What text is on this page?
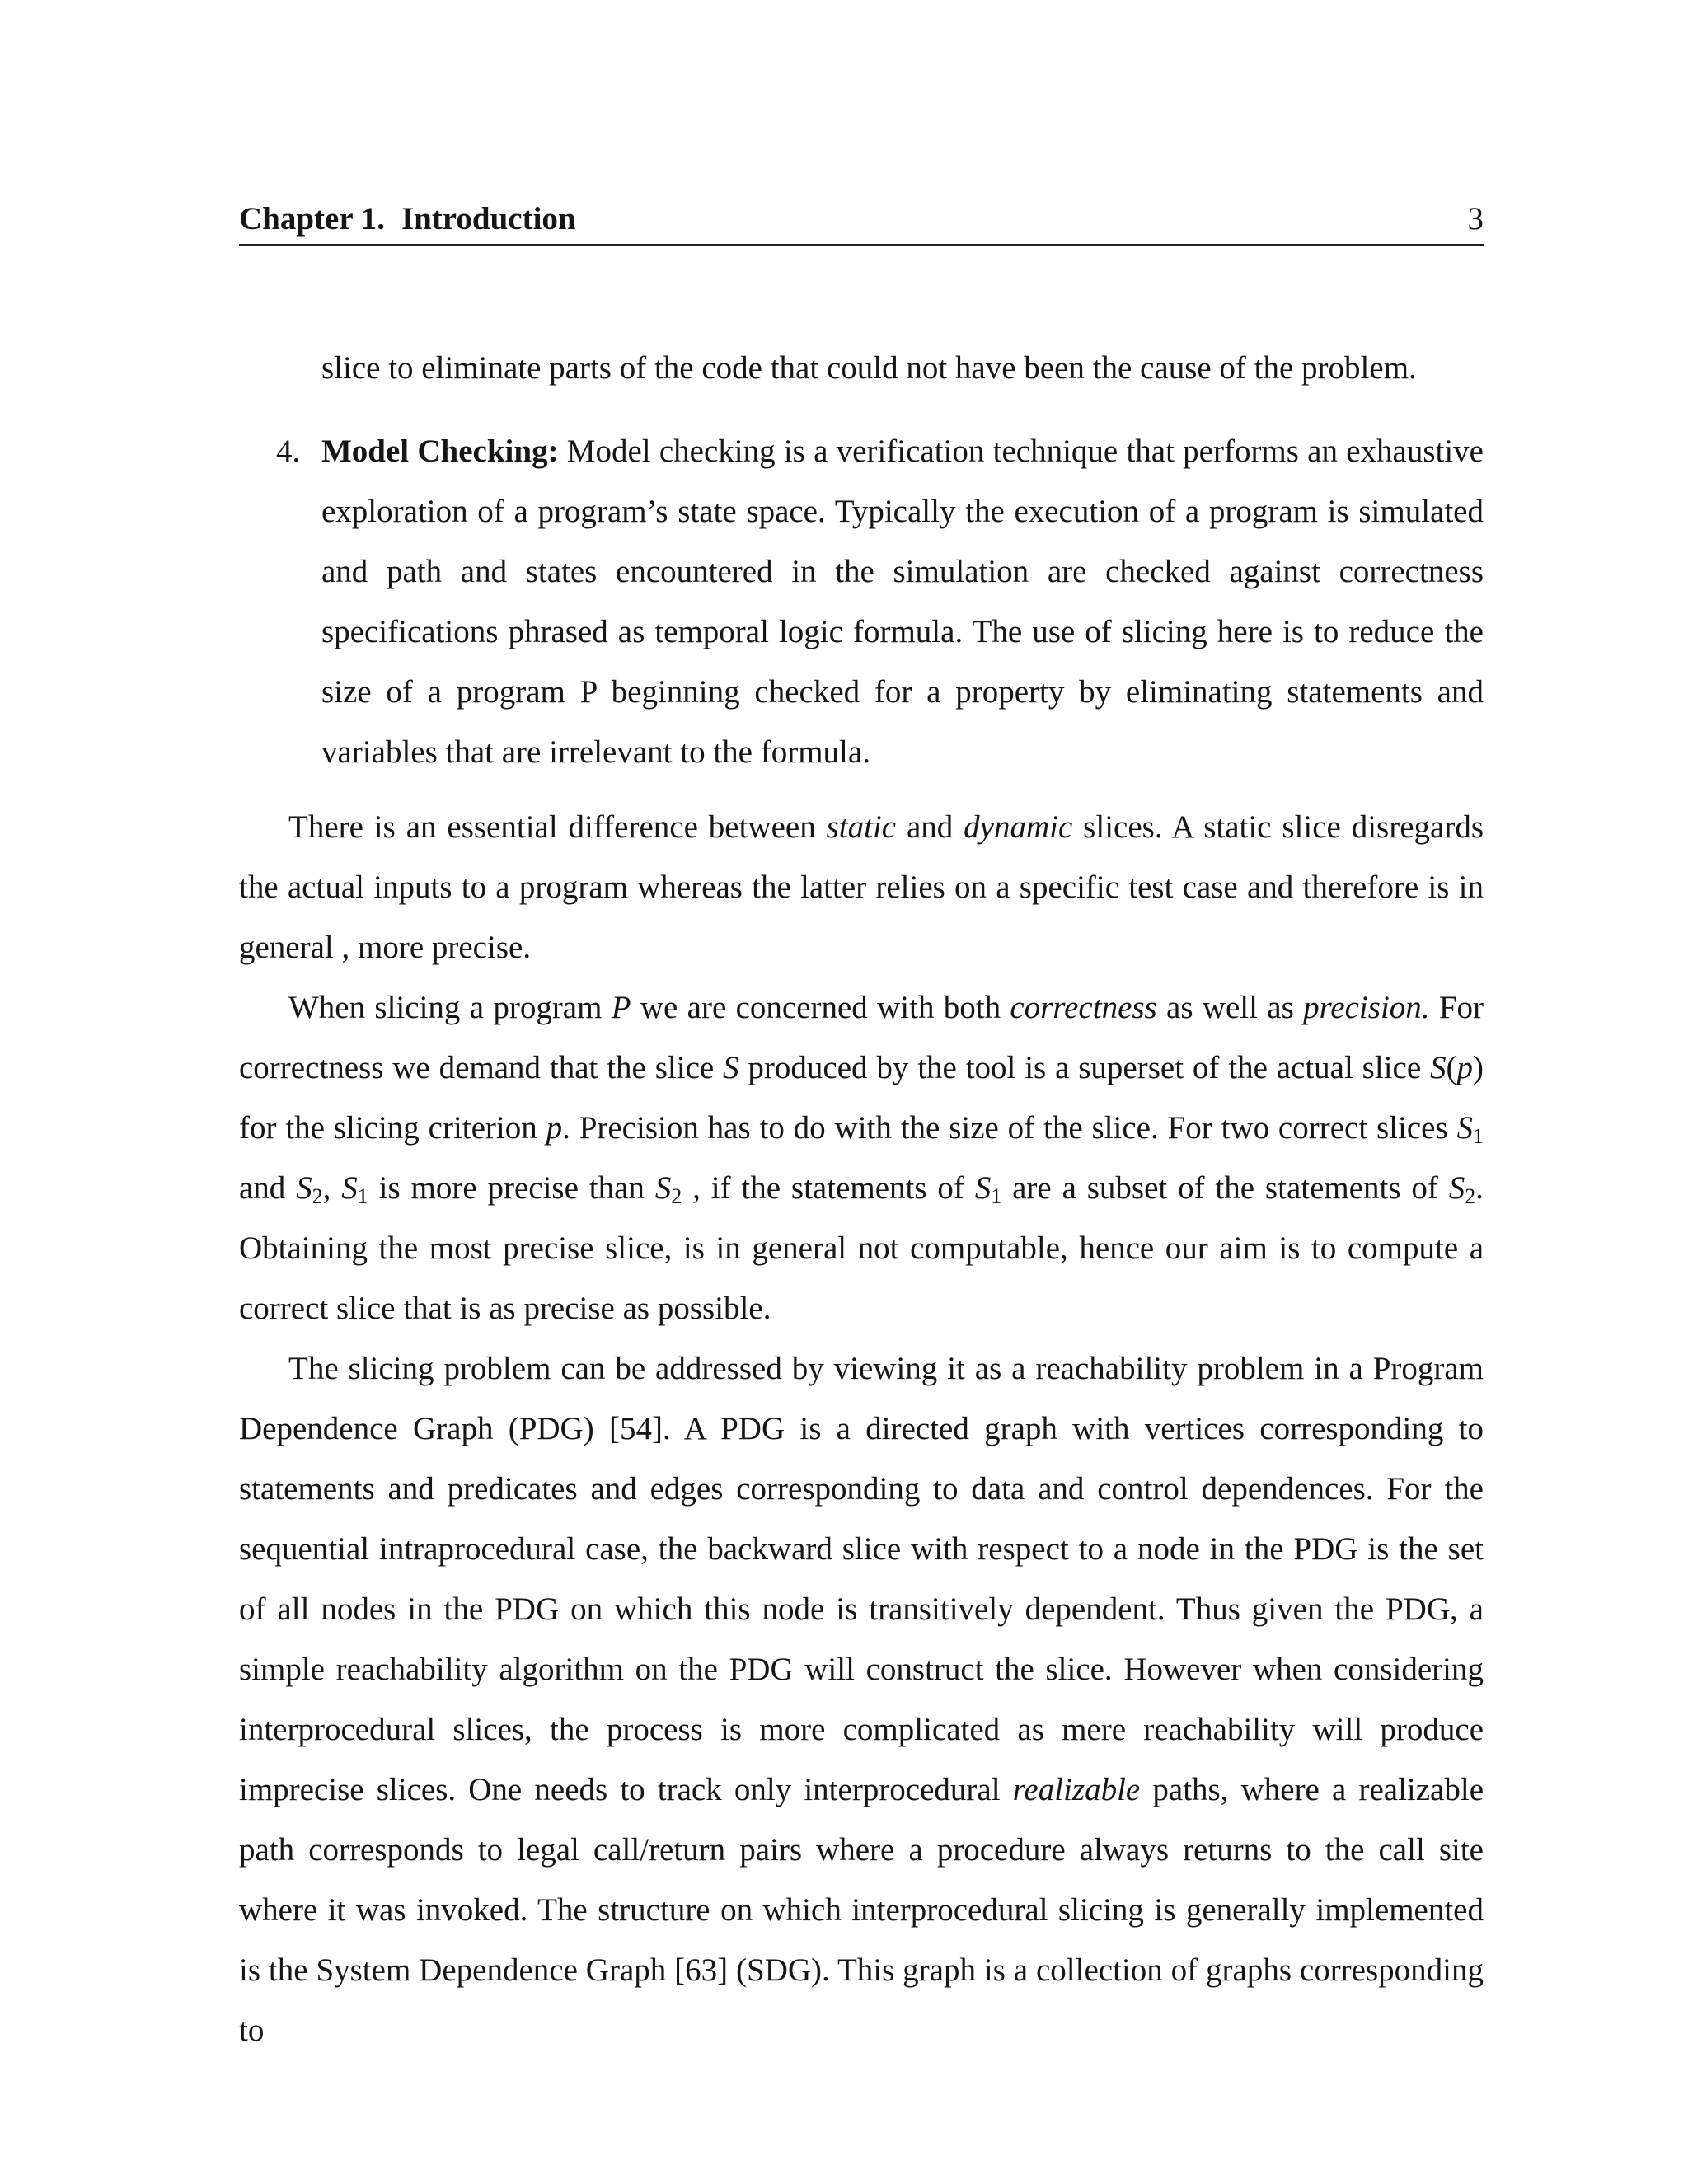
Chapter 1. Introduction	3
slice to eliminate parts of the code that could not have been the cause of the problem.
4. Model Checking: Model checking is a verification technique that performs an exhaustive exploration of a program’s state space. Typically the execution of a program is simulated and path and states encountered in the simulation are checked against correctness specifications phrased as temporal logic formula. The use of slicing here is to reduce the size of a program P beginning checked for a property by eliminating statements and variables that are irrelevant to the formula.

There is an essential difference between static and dynamic slices. A static slice disregards the actual inputs to a program whereas the latter relies on a specific test case and therefore is in general , more precise.

When slicing a program P we are concerned with both correctness as well as precision. For correctness we demand that the slice S produced by the tool is a superset of the actual slice S(p) for the slicing criterion p. Precision has to do with the size of the slice. For two correct slices $S_1$ and $S_2$, $S_1$ is more precise than $S_2$ , if the statements of $S_1$ are a subset of the statements of $S_2$. Obtaining the most precise slice, is in general not computable, hence our aim is to compute a correct slice that is as precise as possible.

The slicing problem can be addressed by viewing it as a reachability problem in a Program Dependence Graph (PDG) [54]. A PDG is a directed graph with vertices corresponding to statements and predicates and edges corresponding to data and control dependences. For the sequential intraprocedural case, the backward slice with respect to a node in the PDG is the set of all nodes in the PDG on which this node is transitively dependent. Thus given the PDG, a simple reachability algorithm on the PDG will construct the slice. However when considering interprocedural slices, the process is more complicated as mere reachability will produce imprecise slices. One needs to track only interprocedural realizable paths, where a realizable path corresponds to legal call/return pairs where a procedure always returns to the call site where it was invoked. The structure on which interprocedural slicing is generally implemented is the System Dependence Graph [63] (SDG). This graph is a collection of graphs corresponding to
